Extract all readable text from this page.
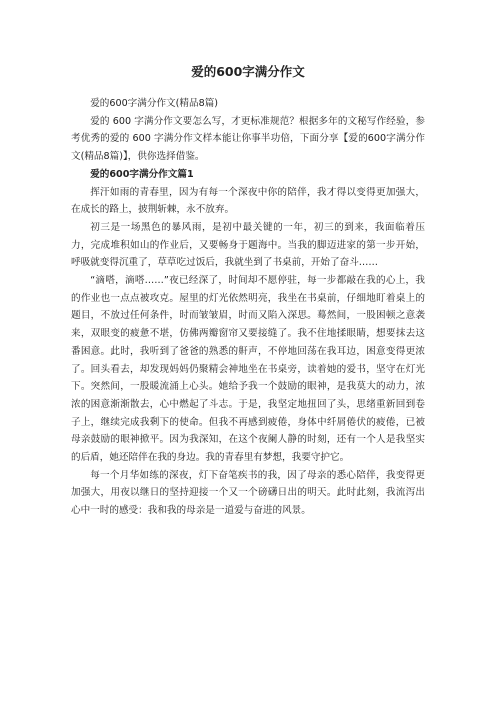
爱的600字满分作文

爱的600字满分作文(精品8篇)

爱的 600 字满分作文要怎么写，才更标准规范？根据多年的文秘写作经验，参考优秀的爱的 600 字满分作文样本能让你事半功倍，下面分享【爱的600字满分作文(精品8篇)】，供你选择借鉴。

爱的600字满分作文篇1

挥汗如雨的青春里，因为有每一个深夜中你的陪伴，我才得以变得更加强大，在成长的路上，披荆斩棘，永不放弃。

初三是一场黑色的暴风雨，是初中最关键的一年，初三的到来，我面临着压力，完成堆积如山的作业后，又要畅身于题海中。当我的脚迈进家的第一步开始，呼吸就变得沉重了，草草吃过饭后，我就坐到了书桌前，开始了奋斗……

“滴嗒，滴嗒……”夜已经深了，时间却不愿停驻，每一步都敲在我的心上，我的作业也一点点被攻克。屋里的灯光依然明亮，我坐在书桌前，仔细地盯着桌上的题目，不放过任何条件，时而皱皱眉，时而又陷入深思。蓦然间，一股困顿之意袭来，双眼变的疲惫不堪，仿佛两瓣窗帘又要接缝了。我不住地揉眼睛，想要抹去这番困意。此时，我听到了爸爸的熟悉的鼾声，不停地回荡在我耳边，困意变得更浓了。回头看去，却发现妈妈仍聚精会神地坐在书桌旁，读着她的爱书，坚守在灯光下。突然间，一股暖流涌上心头。她给予我一个鼓励的眼神，是我莫大的动力，浓浓的困意渐渐散去，心中燃起了斗志。于是，我坚定地扭回了头，思绪重新回到卷子上，继续完成我剩下的使命。但我不再感到疲倦，身体中纤屑倦伏的疲倦，已被母亲鼓励的眼神掀平。因为我深知，在这个夜阑人静的时刻，还有一个人是我坚实的后盾，她还陪伴在我的身边。我的青春里有梦想，我要守护它。

每一个月华如练的深夜，灯下奋笔疾书的我，因了母亲的悉心陪伴，我变得更加强大，用夜以继日的坚持迎接一个又一个磅礴日出的明天。此时此刻，我流泻出心中一时的感受：我和我的母亲是一道爱与奋进的风景。
